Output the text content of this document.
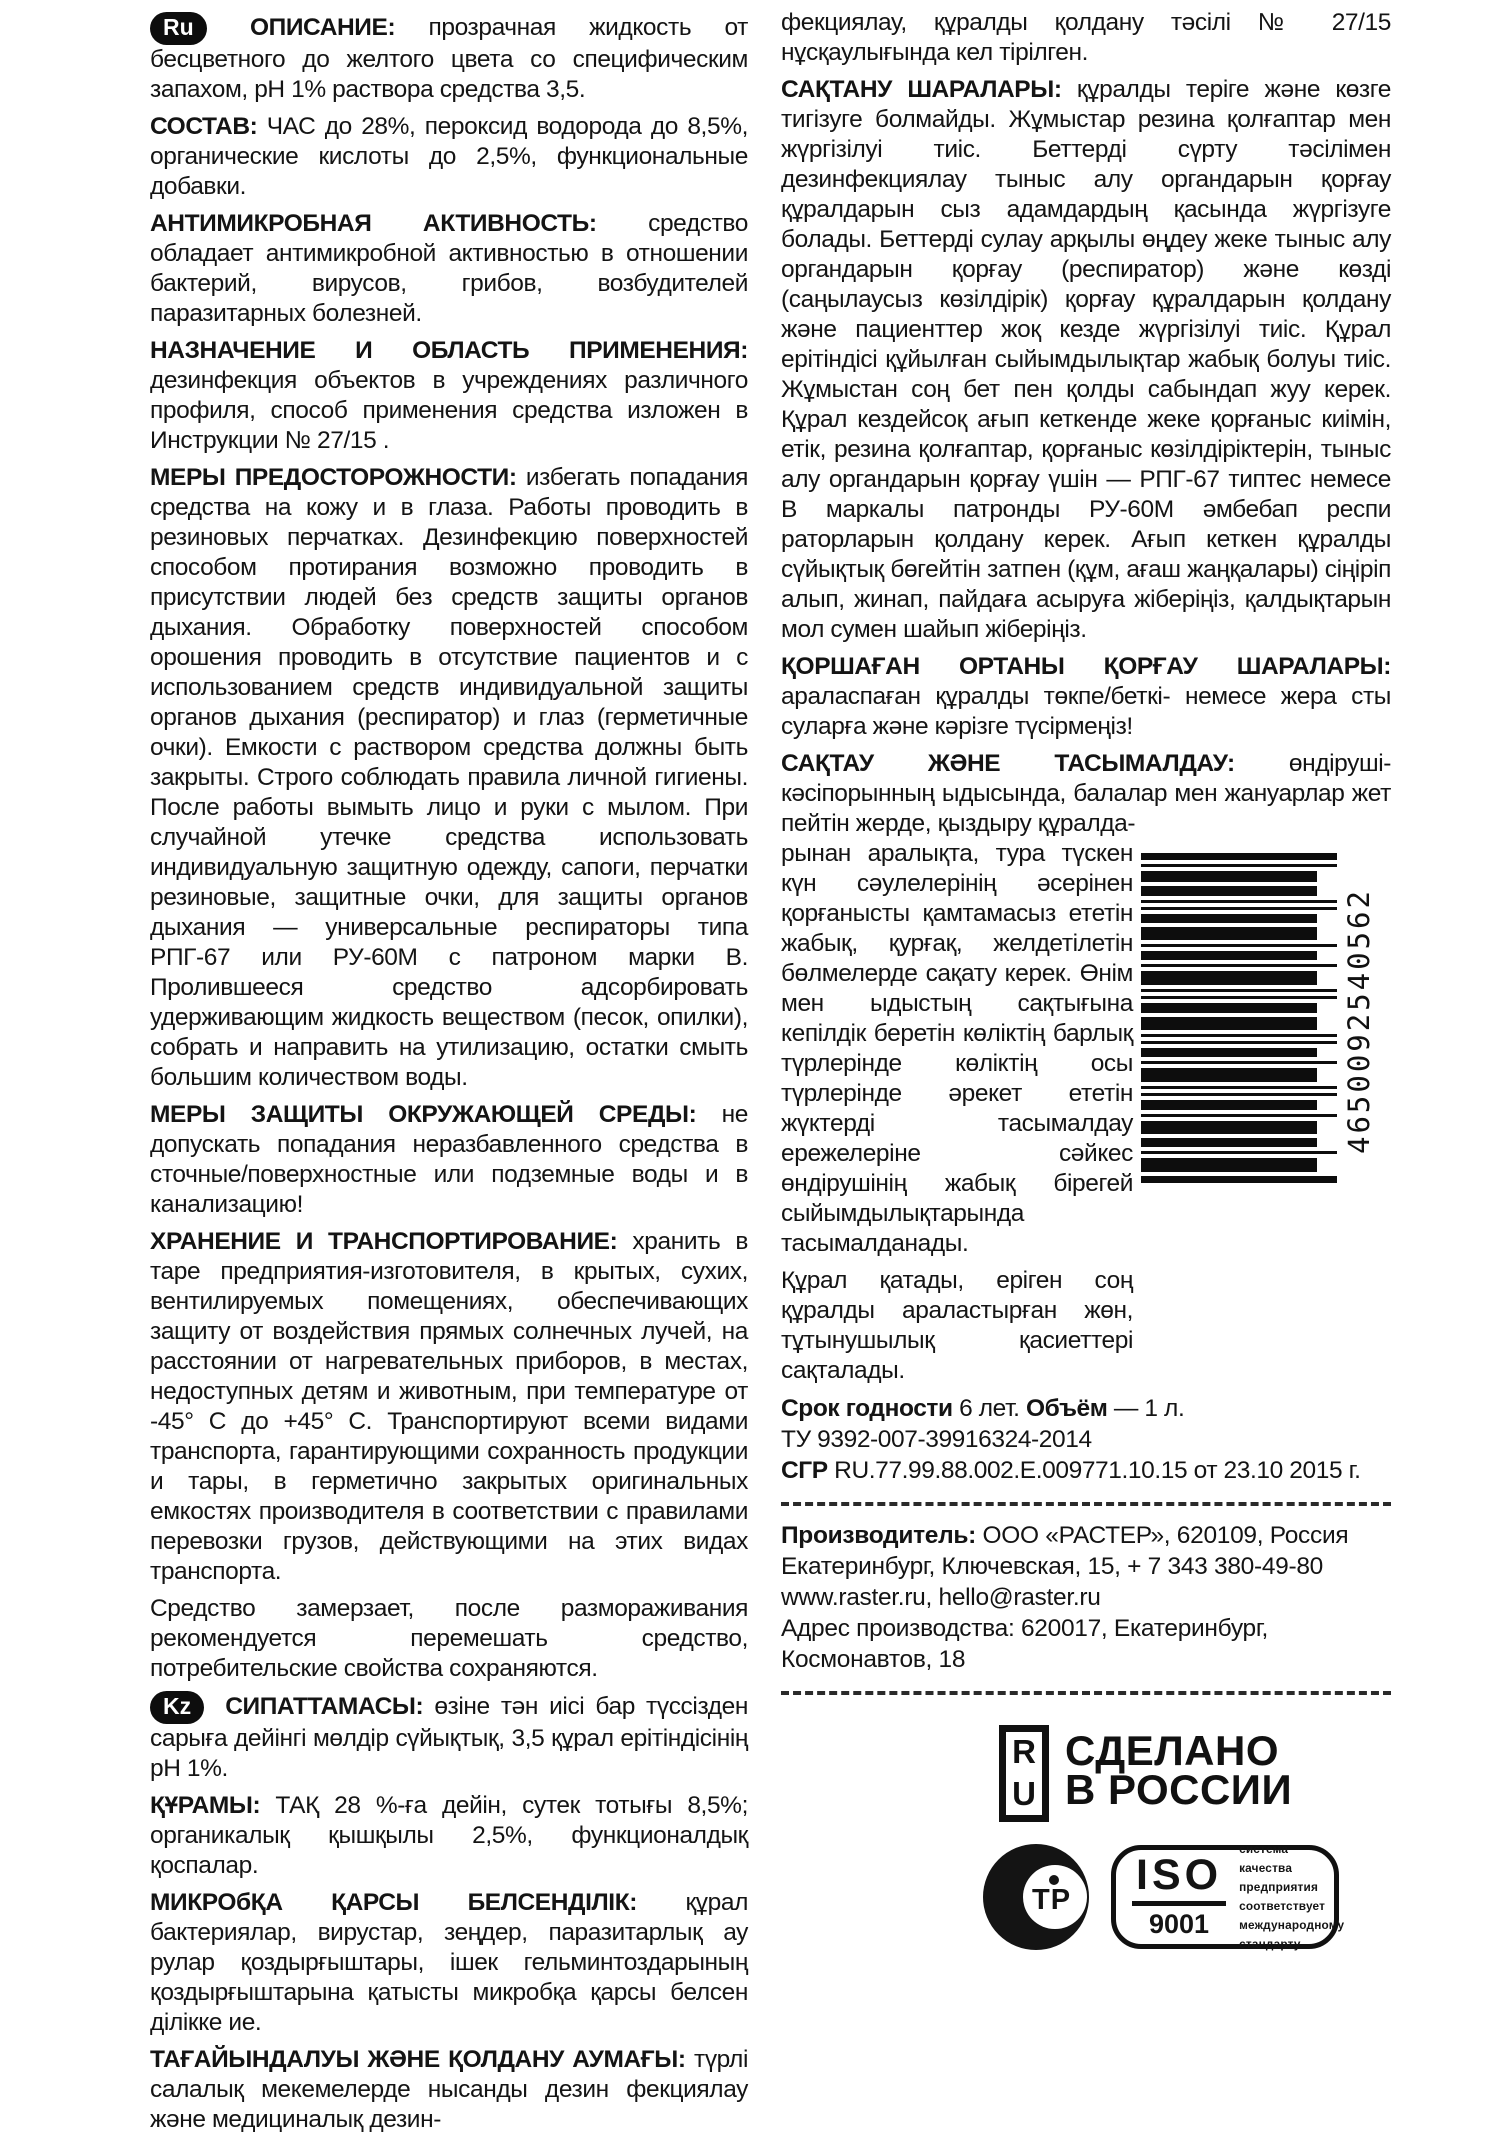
Ru ОПИСАНИЕ: прозрачная жидкость от бесцветного до желтого цвета со специфическим запахом, pH 1% раствора средства 3,5.

СОСТАВ: ЧАС до 28%, пероксид водорода до 8,5%, органические кислоты до 2,5%, функциональные добавки.

АНТИМИКРОБНАЯ АКТИВНОСТЬ: средство обладает антимикробной активностью в отношении бактерий, вирусов, грибов, возбудителей паразитарных болезней.

НАЗНАЧЕНИЕ И ОБЛАСТЬ ПРИМЕНЕНИЯ: дезинфекция объектов в учреждениях различного профиля, способ применения средства изложен в Инструкции № 27/15 .

МЕРЫ ПРЕДОСТОРОЖНОСТИ: избегать попадания средства на кожу и в глаза. Работы проводить в резиновых перчатках. Дезинфекцию поверхностей способом протирания возможно проводить в присутствии людей без средств защиты органов дыхания. Обработку поверхностей способом орошения проводить в отсутствие пациентов и с использованием средств индивидуальной защиты органов дыхания (респиратор) и глаз (герметичные очки). Емкости с раствором средства должны быть закрыты. Строго соблюдать правила личной гигиены. После работы вымыть лицо и руки с мылом. При случайной утечке средства использовать индивидуальную защитную одежду, сапоги, перчатки резиновые, защитные очки, для защиты органов дыхания — универсальные респираторы типа РПГ-67 или РУ-60М с патроном марки В. Пролившееся средство адсорбировать удерживающим жидкость веществом (песок, опилки), собрать и направить на утилизацию, остатки смыть большим количеством воды.

МЕРЫ ЗАЩИТЫ ОКРУЖАЮЩЕЙ СРЕДЫ: не допускать попадания неразбавленного средства в сточные/поверхностные или подземные воды и в канализацию!

ХРАНЕНИЕ И ТРАНСПОРТИРОВАНИЕ: хранить в таре предприятия-изготовителя, в крытых, сухих, вентилируемых помещениях, обеспечивающих защиту от воздействия прямых солнечных лучей, на расстоянии от нагревательных приборов, в местах, недоступных детям и животным, при температуре от -45° С до +45° С. Транспортируют всеми видами транспорта, гарантирующими сохранность продукции и тары, в герметично закрытых оригинальных емкостях производителя в соответствии с правилами перевозки грузов, действующими на этих видах транспорта.

Средство замерзает, после размораживания рекомендуется перемешать средство, потребительские свойства сохраняются.

Kz СИПАТТАМАСЫ: өзіне тән иісі бар түссізден сарыға дейінгі мөлдір сүйықтық, 3,5 құрал ерітіндісінің pH 1%.

ҚҰРАМЫ: ТАҚ 28 %-ға дейін, сутек тотығы 8,5%; органикалық қышқылы 2,5%, функционалдық қоспалар.

МИКРОбҚА ҚАРСЫ БЕЛСЕНДІЛІК: құрал бактериялар, вирустар, зеңдер, паразитарлық ау рулар қоздырғыштары, ішек гельминтоздарының қоздырғыштарына қатысты микробқа қарсы белсен ділікке ие.

ТАҒАЙЫНДАЛУЫ ЖӘНЕ ҚОЛДАНУ АУМАҒЫ: түрлі салалық мекемелерде нысанды дезин фекциялау және медициналық дезин-

фекциялау, құралды қолдану тәсілі № 27/15 нұсқаулығында кел тірілген.

САҚТАНУ ШАРАЛАРЫ: құралды теріге және көзге тигізуге болмайды. Жұмыстар резина қолғаптар мен жүргізілуі тиіс. Беттерді сүрту тәсілімен дезинфекциялау тыныс алу органдарын қорғау құралдарын сыз адамдардың қасында жүргізуге болады. Беттерді сулау арқылы өңдеу жеке тыныс алу органдарын қорғау (респиратор) және көзді (саңылаусыз көзілдірік) қорғау құралдарын қолдану және пациенттер жоқ кезде жүргізілуі тиіс. Құрал ерітіндісі құйылған сыйымдылықтар жабық болуы тиіс. Жұмыстан соң бет пен қолды сабындап жуу керек. Құрал кездейсоқ ағып кеткенде жеке қорғаныс киімін, етік, резина қолғаптар, қорғаныс көзілдіріктерін, тыныс алу органдарын қорғау үшін — РПГ-67 типтес немесе В маркалы патронды РУ-60М әмбебап респи раторларын қолдану керек. Ағып кеткен құралды сүйықтық бөгейтін затпен (құм, ағаш жаңқалары) сіңіріп алып, жинап, пайдаға асыруға жіберіңіз, қалдықтарын мол сумен шайып жіберіңіз.

ҚОРШАҒАН ОРТАНЫ ҚОРҒАУ ШАРАЛАРЫ: араласпаған құралды төкпе/беткі- немесе жера сты суларға және кәрізге түсірмеңіз!

САҚТАУ ЖӘНЕ ТАСЫМАЛДАУ: өндіруші-кәсіпорынның ыдысында, балалар мен жануарлар жет пейтін жерде, қыздыру құралда-

рынан аралықта, тура түскен күн сәулелерінің әсерінен қорғанысты қамтамасыз ететін жабық, қурғақ, желдетілетін бөлмелерде сақату керек. Өнім мен ыдыстың сақтығына кепілдік беретін көліктің барлық түрлерінде көліктің осы түрлерінде әрекет ететін жүктерді тасымалдау ережелеріне сәйкес өндірушінің жабық бірегей сыйымдылықтарында тасымалданады.

Құрал қатады, еріген соң құралды араластырған жөн, тұтынушылық қасиеттері сақталады.

4650092540562

Срок годности 6 лет. Объём — 1 л.

ТУ 9392-007-39916324-2014

СГР RU.77.99.88.002.Е.009771.10.15 от 23.10 2015 г.

Производитель: ООО «РАСТЕР», 620109, Россия

Екатеринбург, Ключевская, 15, + 7 343 380-49-80

www.raster.ru, hello@raster.ru

Адрес производства: 620017, Екатеринбург, Космонавтов, 18

R
U
СДЕЛАНО
В РОССИИ
ТР
ISO
9001
система качества
предприятия
соответствует
международному
стандарту
